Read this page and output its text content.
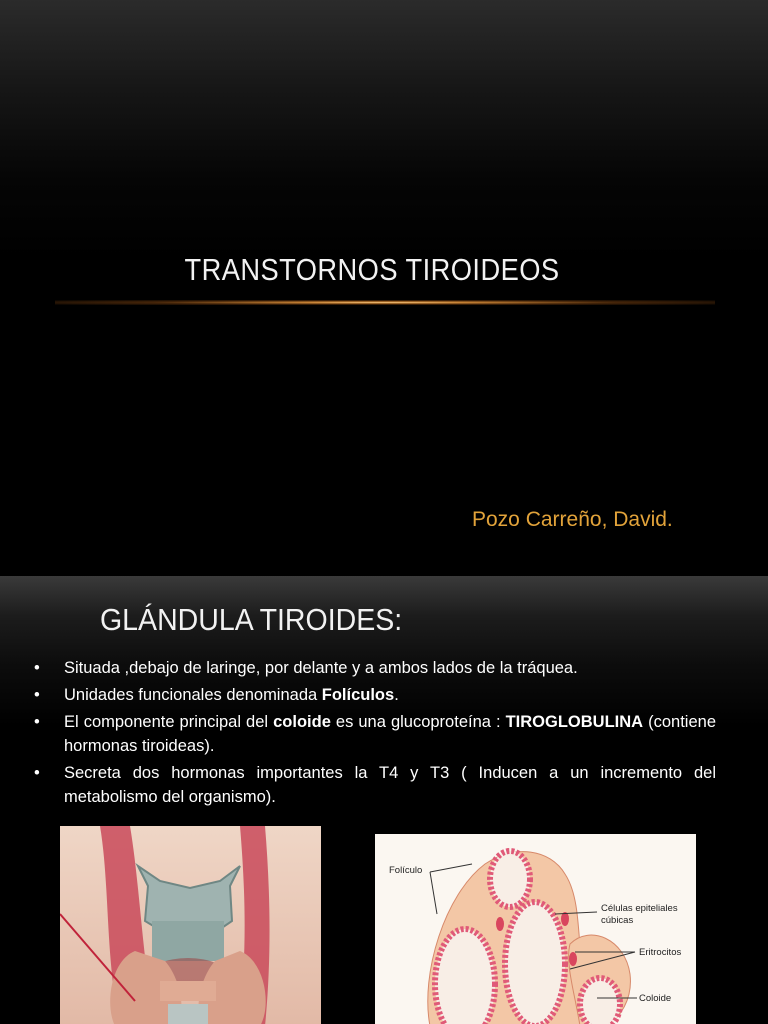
TRANSTORNOS TIROIDEOS
Pozo Carreño, David.
GLÁNDULA TIROIDES:
• Situada ,debajo de laringe, por delante y a ambos lados de la tráquea.
• Unidades funcionales denominada Folículos.
• El componente principal del coloide es una glucoproteína : TIROGLOBULINA (contiene hormonas tiroideas).
• Secreta dos hormonas importantes la T4 y T3 ( Inducen a un incremento del metabolismo del organismo).
Folículo
Células epiteliales
cúbicas
Eritrocitos
Coloide
